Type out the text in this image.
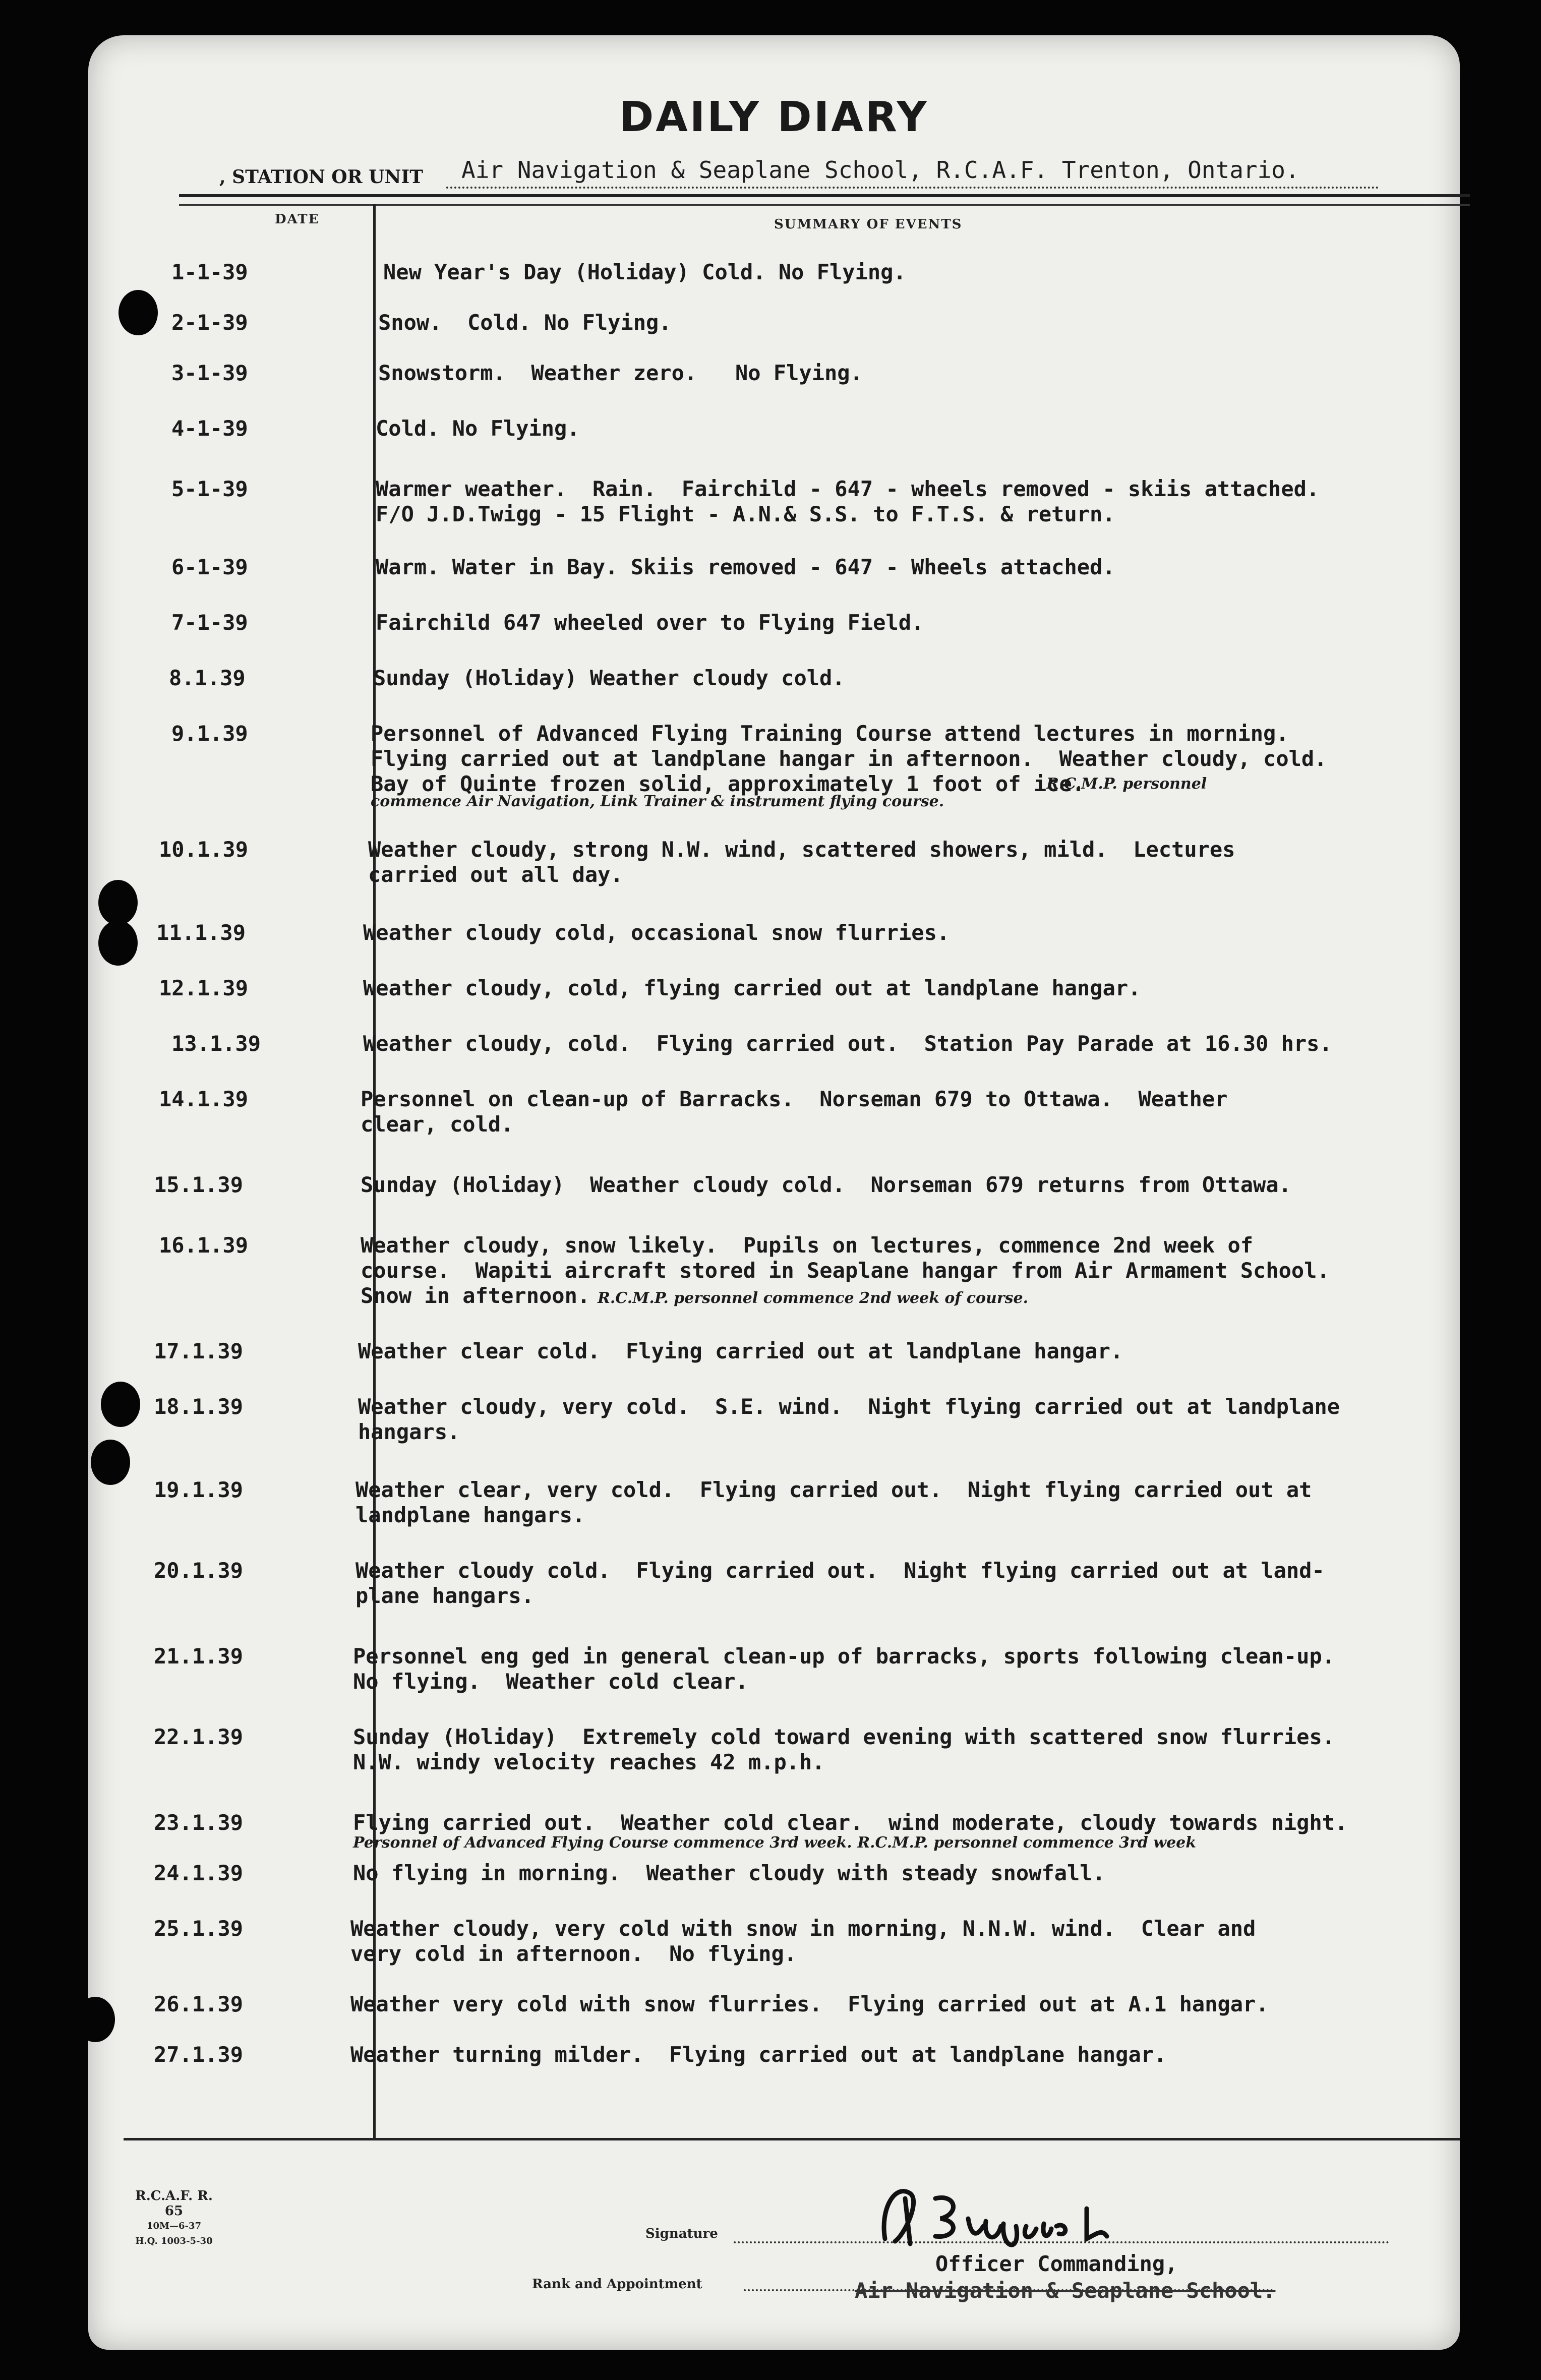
DAILY DIARY
, STATION OR UNIT Air Navigation & Seaplane School, R.C.A.F. Trenton, Ontario.
DATE	SUMMARY OF EVENTS
1-1-39	New Year's Day (Holiday) Cold. No Flying.
2-1-39	Snow.  Cold. No Flying.
3-1-39	Snowstorm.  Weather zero.   No Flying.
4-1-39	Cold. No Flying.
5-1-39	Warmer weather.  Rain.  Fairchild - 647 - wheels removed - skiis attached.
F/O J.D.Twigg - 15 Flight - A.N.& S.S. to F.T.S. & return.
6-1-39	Warm. Water in Bay. Skiis removed - 647 - Wheels attached.
7-1-39	Fairchild 647 wheeled over to Flying Field.
8.1.39	Sunday (Holiday) Weather cloudy cold.
9.1.39	Personnel of Advanced Flying Training Course attend lectures in morning.
Flying carried out at landplane hangar in afternoon.  Weather cloudy, cold.
Bay of Quinte frozen solid, approximately 1 foot of ice.
R.C.M.P. personnel
commence Air Navigation, Link Trainer & instrument flying course.
10.1.39	Weather cloudy, strong N.W. wind, scattered showers, mild.  Lectures
carried out all day.
11.1.39	Weather cloudy cold, occasional snow flurries.
12.1.39	Weather cloudy, cold, flying carried out at landplane hangar.
13.1.39	Weather cloudy, cold.  Flying carried out.  Station Pay Parade at 16.30 hrs.
14.1.39	Personnel on clean-up of Barracks.  Norseman 679 to Ottawa.  Weather
clear, cold.
15.1.39	Sunday (Holiday)  Weather cloudy cold.  Norseman 679 returns from Ottawa.
16.1.39	Weather cloudy, snow likely.  Pupils on lectures, commence 2nd week of
course.  Wapiti aircraft stored in Seaplane hangar from Air Armament School.
Snow in afternoon. R.C.M.P. personnel commence 2nd week of course.
17.1.39	Weather clear cold.  Flying carried out at landplane hangar.
18.1.39	Weather cloudy, very cold.  S.E. wind.  Night flying carried out at landplane
hangars.
19.1.39	Weather clear, very cold.  Flying carried out.  Night flying carried out at
landplane hangars.
20.1.39	Weather cloudy cold.  Flying carried out.  Night flying carried out at land-
plane hangars.
21.1.39	Personnel eng ged in general clean-up of barracks, sports following clean-up.
No flying.  Weather cold clear.
22.1.39	Sunday (Holiday)  Extremely cold toward evening with scattered snow flurries.
N.W. windy velocity reaches 42 m.p.h.
23.1.39	Flying carried out.  Weather cold clear.  wind moderate, cloudy towards night.
Personnel of Advanced Flying Course commence 3rd week. R.C.M.P. personnel commence 3rd week
24.1.39	No flying in morning.  Weather cloudy with steady snowfall.
25.1.39	Weather cloudy, very cold with snow in morning, N.N.W. wind.  Clear and
very cold in afternoon.  No flying.
26.1.39	Weather very cold with snow flurries.  Flying carried out at A.1 hangar.
27.1.39	Weather turning milder.  Flying carried out at landplane hangar.
R.C.A.F. R. 65
10M—6-37
H.Q. 1003-5-30	Signature
Officer Commanding,
Rank and Appointment	Air Navigation & Seaplane School.
